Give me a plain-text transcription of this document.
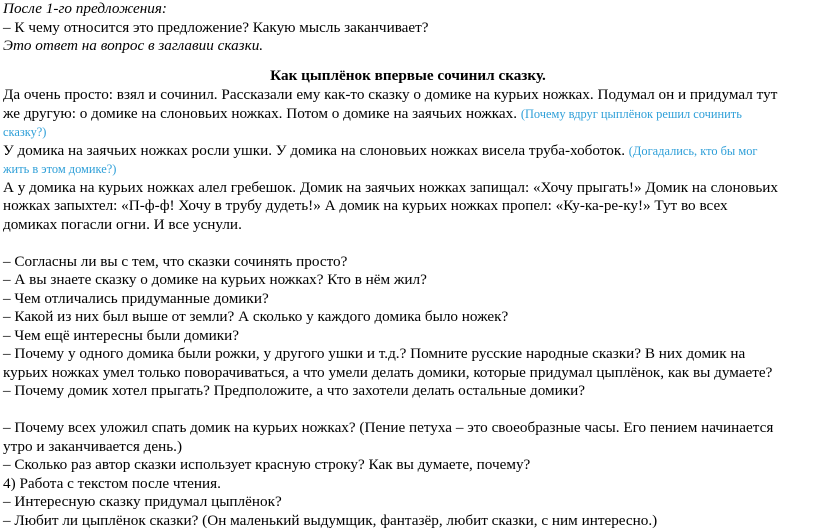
После 1-го предложения:

– К чему относится это предложение? Какую мысль заканчивает?

Это ответ на вопрос в заглавии сказки.

Как цыплёнок впервые сочинил сказку.

Да очень просто: взял и сочинил. Рассказали ему как-то сказку о домике на курьих ножках. Подумал он и придумал тут

же другую: о домике на слоновьих ножках. Потом о домике на заячьих ножках. (Почему вдруг цыплёнок решил сочинить

сказку?)

У домика на заячьих ножках росли ушки. У домика на слоновьих ножках висела труба-хоботок. (Догадались, кто бы мог

жить в этом домике?)

А у домика на курьих ножках алел гребешок. Домик на заячьих ножках запищал: «Хочу прыгать!» Домик на слоновьих

ножках запыхтел: «П-ф-ф! Хочу в трубу дудеть!» А домик на курьих ножках пропел: «Ку-ка-ре-ку!» Тут во всех

домиках погасли огни. И все уснули.

– Согласны ли вы с тем, что сказки сочинять просто?

– А вы знаете сказку о домике на курьих ножках? Кто в нём жил?

– Чем отличались придуманные домики?

– Какой из них был выше от земли? А сколько у каждого домика было ножек?

– Чем ещё интересны были домики?

– Почему у одного домика были рожки, у другого ушки и т.д.? Помните русские народные сказки? В них домик на

курьих ножках умел только поворачиваться, а что умели делать домики, которые придумал цыплёнок, как вы думаете?

– Почему домик хотел прыгать? Предположите, а что захотели делать остальные домики?

– Почему всех уложил спать домик на курьих ножках? (Пение петуха – это своеобразные часы. Его пением начинается

утро и заканчивается день.)

– Сколько раз автор сказки использует красную строку? Как вы думаете, почему?

4) Работа с текстом после чтения.

– Интересную сказку придумал цыплёнок?

– Любит ли цыплёнок сказки? (Он маленький выдумщик, фантазёр, любит сказки, с ним интересно.)
